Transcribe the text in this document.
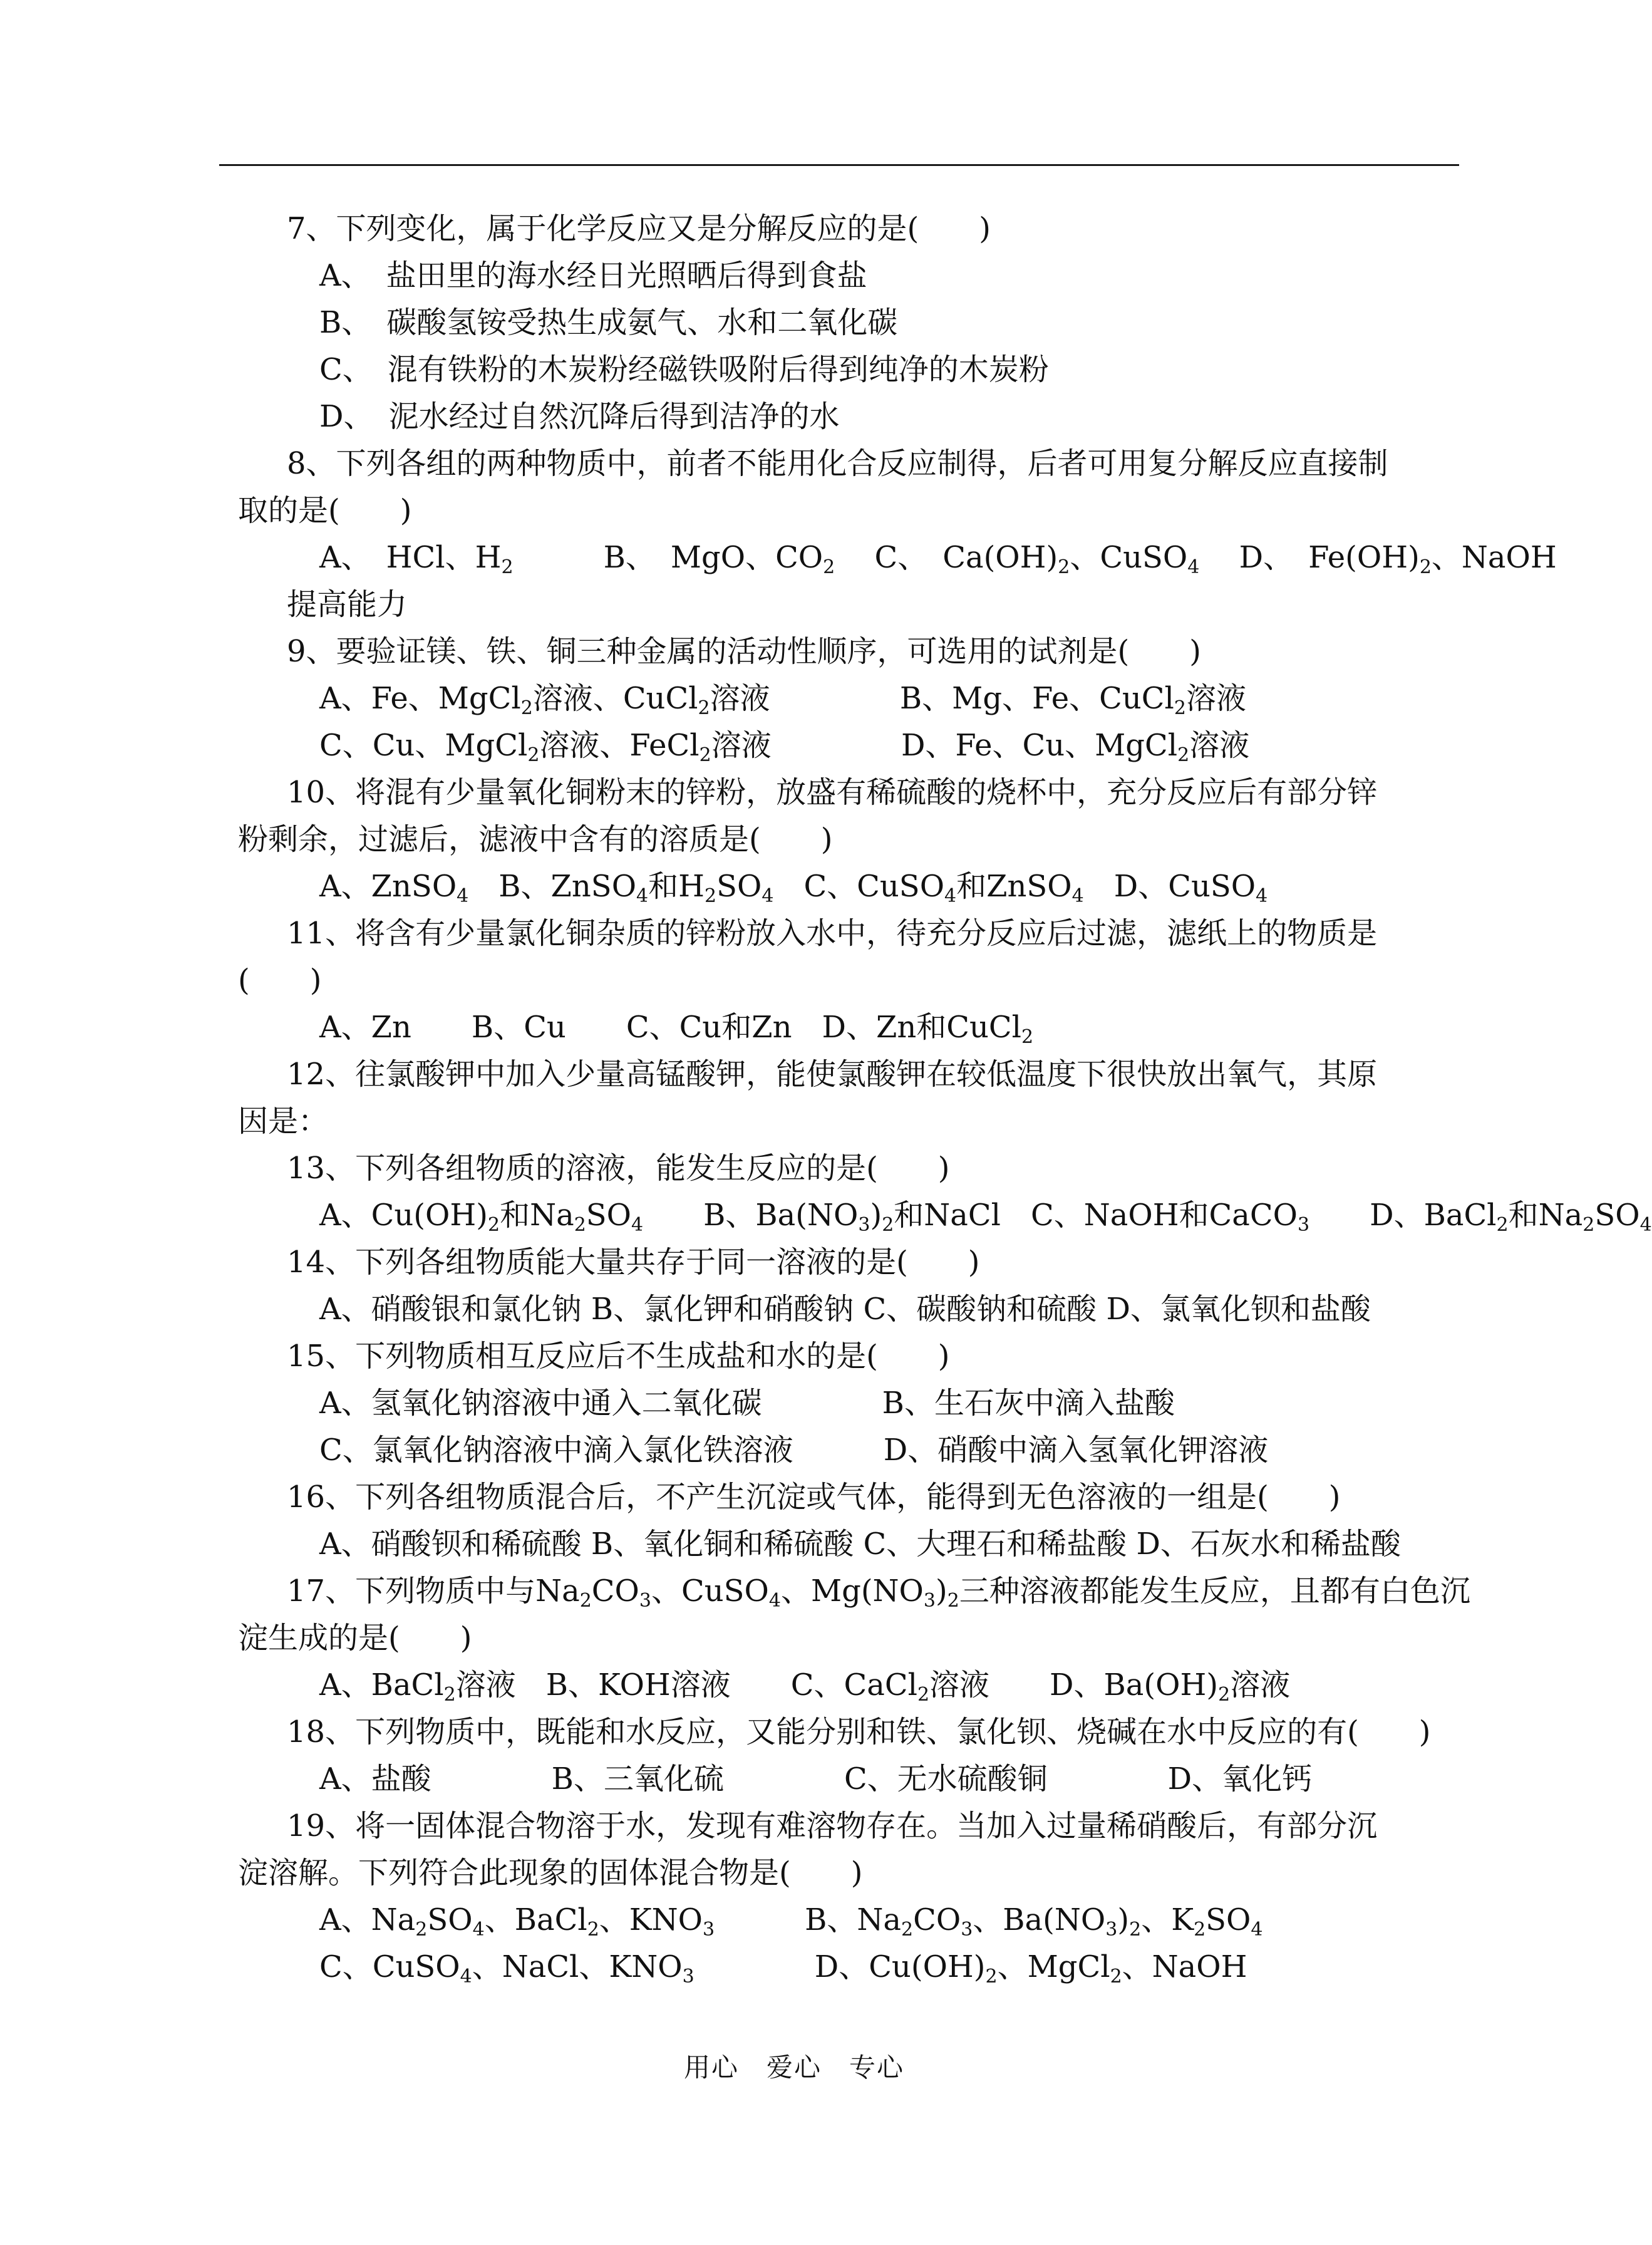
7、下列变化，属于化学反应又是分解反应的是(　　)
A、　盐田里的海水经日光照晒后得到食盐
B、　碳酸氢铵受热生成氨气、水和二氧化碳
C、　混有铁粉的木炭粉经磁铁吸附后得到纯净的木炭粉
D、　泥水经过自然沉降后得到洁净的水
8、下列各组的两种物质中，前者不能用化合反应制得，后者可用复分解反应直接制
取的是(　　)
A、　HCl、$H_2$　　　B、　MgO、$CO_2$　 C、　$Ca(OH)_2$、CuSO$_4$　 D、　$Fe(OH)_2$、NaOH
提高能力
9、要验证镁、铁、铜三种金属的活动性顺序，可选用的试剂是(　　)
A、Fe、MgCl$_2$溶液、CuCl$_2$溶液　　　　 B、Mg、Fe、CuCl$_2$溶液
C、Cu、MgCl$_2$溶液、FeCl$_2$溶液　　　　 D、Fe、Cu、MgCl$_2$溶液
10、将混有少量氧化铜粉末的锌粉，放盛有稀硫酸的烧杯中，充分反应后有部分锌
粉剩余，过滤后，滤液中含有的溶质是(　　)
A、ZnSO$_4$　B、ZnSO$_4$和$H_2SO_4$　C、CuSO$_4$和ZnSO$_4$　D、CuSO$_4$
11、将含有少量氯化铜杂质的锌粉放入水中，待充分反应后过滤，滤纸上的物质是
(　　)
A、Zn　　B、Cu　　C、Cu和Zn　D、Zn和CuCl$_2$
12、往氯酸钾中加入少量高锰酸钾，能使氯酸钾在较低温度下很快放出氧气，其原
因是：
13、下列各组物质的溶液，能发生反应的是(　　)
A、$Cu(OH)_2$和$Na_2SO_4$　　B、$Ba(NO_3)_2$和NaCl　C、NaOH和CaCO$_3$　　D、BaCl$_2$和$Na_2SO_4$
14、下列各组物质能大量共存于同一溶液的是(　　)
A、硝酸银和氯化钠 B、氯化钾和硝酸钠 C、碳酸钠和硫酸 D、氯氧化钡和盐酸
15、下列物质相互反应后不生成盐和水的是(　　)
A、氢氧化钠溶液中通入二氧化碳　　　　B、生石灰中滴入盐酸
C、氯氧化钠溶液中滴入氯化铁溶液　　　D、硝酸中滴入氢氧化钾溶液
16、下列各组物质混合后，不产生沉淀或气体，能得到无色溶液的一组是(　　)
A、硝酸钡和稀硫酸 B、氧化铜和稀硫酸 C、大理石和稀盐酸 D、石灰水和稀盐酸
17、下列物质中与$Na_2CO_3$、CuSO$_4$、$Mg(NO_3)_2$三种溶液都能发生反应，且都有白色沉
淀生成的是(　　)
A、BaCl$_2$溶液　B、KOH溶液　　C、CaCl$_2$溶液　　D、$Ba(OH)_2$溶液
18、下列物质中，既能和水反应，又能分别和铁、氯化钡、烧碱在水中反应的有(　　)
A、盐酸　　　　B、三氧化硫　　　　C、无水硫酸铜　　　　D、氧化钙
19、将一固体混合物溶于水，发现有难溶物存在。当加入过量稀硝酸后，有部分沉
淀溶解。下列符合此现象的固体混合物是(　　)
A、$Na_2SO_4$、BaCl$_2$、$KNO_3$　　　B、$Na_2CO_3$、$Ba(NO_3)_2$、$K_2SO_4$
C、CuSO$_4$、NaCl、$KNO_3$　　　　D、$Cu(OH)_2$、MgCl$_2$、NaOH
用心　爱心　专心
